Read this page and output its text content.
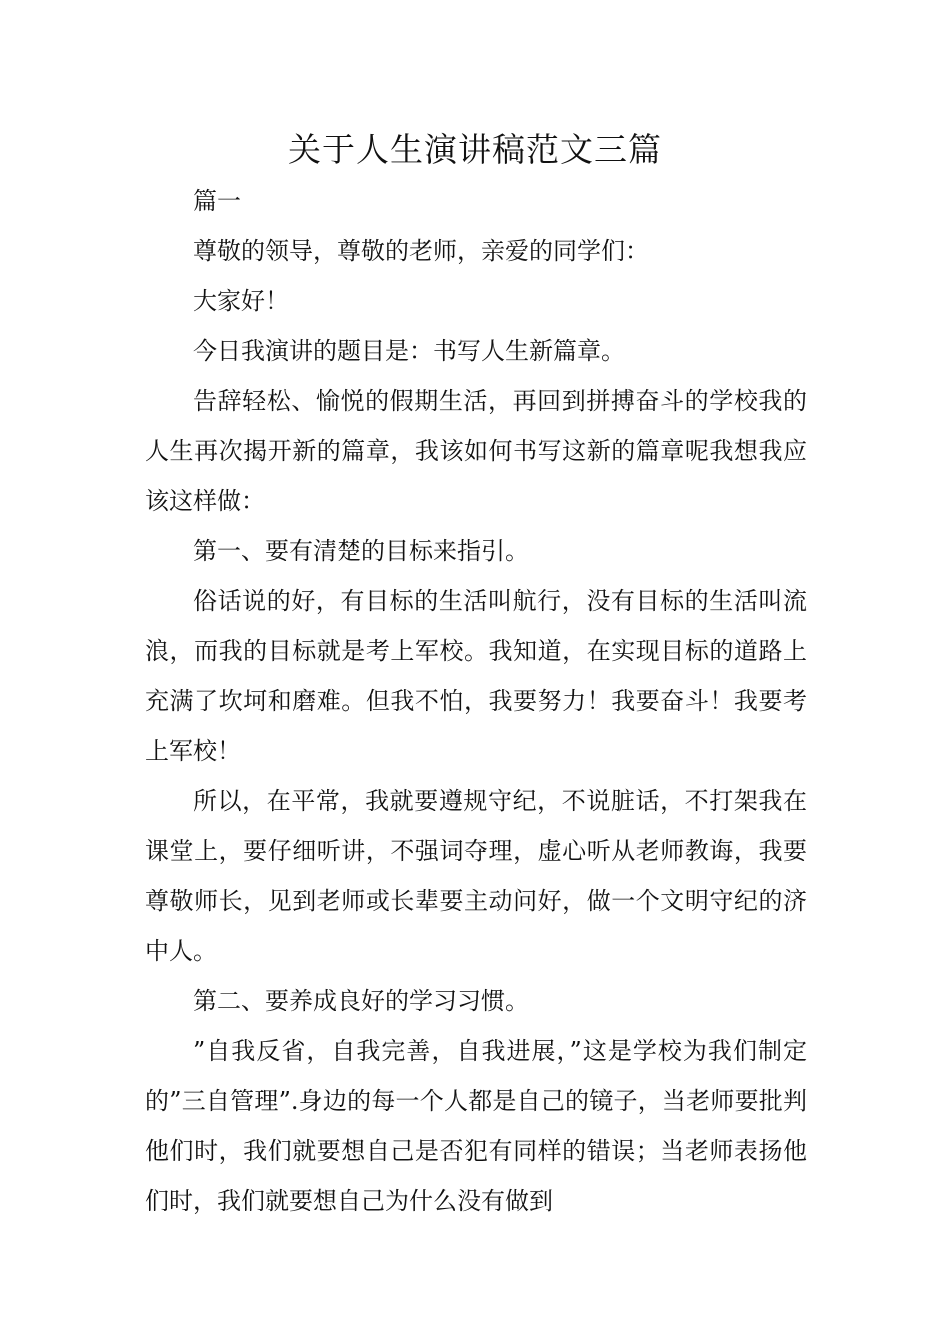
关于人生演讲稿范文三篇

篇一

尊敬的领导，尊敬的老师，亲爱的同学们：

大家好！

今日我演讲的题目是：书写人生新篇章。

告辞轻松、愉悦的假期生活，再回到拼搏奋斗的学校我的人生再次揭开新的篇章，我该如何书写这新的篇章呢我想我应该这样做：

第一、要有清楚的目标来指引。

俗话说的好，有目标的生活叫航行，没有目标的生活叫流浪，而我的目标就是考上军校。我知道，在实现目标的道路上充满了坎坷和磨难。但我不怕，我要努力！我要奋斗！我要考上军校！

所以，在平常，我就要遵规守纪，不说脏话，不打架我在课堂上，要仔细听讲，不强词夺理，虚心听从老师教诲，我要尊敬师长，见到老师或长辈要主动问好，做一个文明守纪的济中人。

第二、要养成良好的学习习惯。

”自我反省，自我完善，自我进展，”这是学校为我们制定的”三自管理”.身边的每一个人都是自己的镜子，当老师要批判他们时，我们就要想自己是否犯有同样的错误；当老师表扬他们时，我们就要想自己为什么没有做到
